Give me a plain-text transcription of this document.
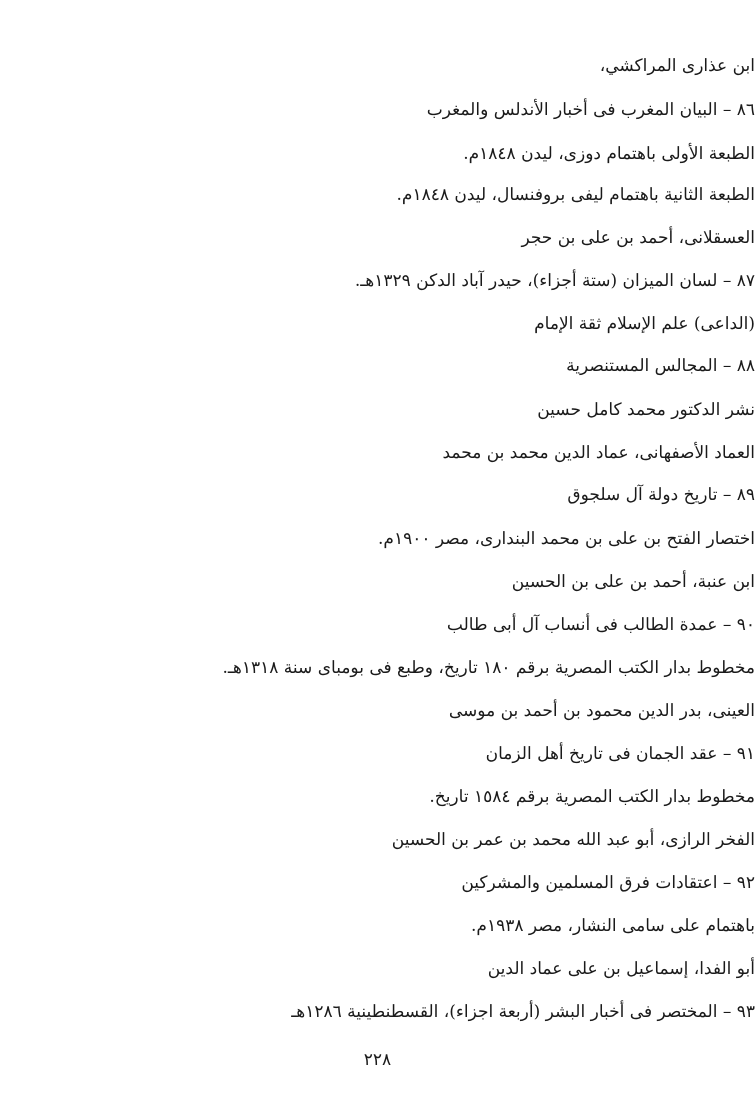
ابن عذارى المراكشي،
٨٦ – البيان المغرب فى أخبار الأندلس والمغرب
الطبعة الأولى باهتمام دوزى، ليدن ١٨٤٨م.
الطبعة الثانية باهتمام ليفى بروفنسال، ليدن ١٨٤٨م.
العسقلانى، أحمد بن على بن حجر
٨٧ – لسان الميزان (ستة أجزاء)، حيدر آباد الدكن ١٣٢٩هـ.
(الداعى) علم الإسلام ثقة الإمام
٨٨ – المجالس المستنصرية
نشر الدكتور محمد كامل حسين
العماد الأصفهانى، عماد الدين محمد بن محمد
٨٩ – تاريخ دولة آل سلجوق
اختصار الفتح بن على بن محمد البندارى، مصر ١٩٠٠م.
ابن عنبة، أحمد بن على بن الحسين
٩٠ – عمدة الطالب فى أنساب آل أبى طالب
مخطوط بدار الكتب المصرية برقم ١٨٠ تاريخ، وطبع فى بومباى سنة ١٣١٨هـ.
العينى، بدر الدين محمود بن أحمد بن موسى
٩١ – عقد الجمان فى تاريخ أهل الزمان
مخطوط بدار الكتب المصرية برقم ١٥٨٤ تاريخ.
الفخر الرازى، أبو عبد الله محمد بن عمر بن الحسين
٩٢ – اعتقادات فرق المسلمين والمشركين
باهتمام على سامى النشار، مصر ١٩٣٨م.
أبو الفدا، إسماعيل بن على عماد الدين
٩٣ – المختصر فى أخبار البشر (أربعة اجزاء)، القسطنطينية ١٢٨٦هـ
٢٢٨
